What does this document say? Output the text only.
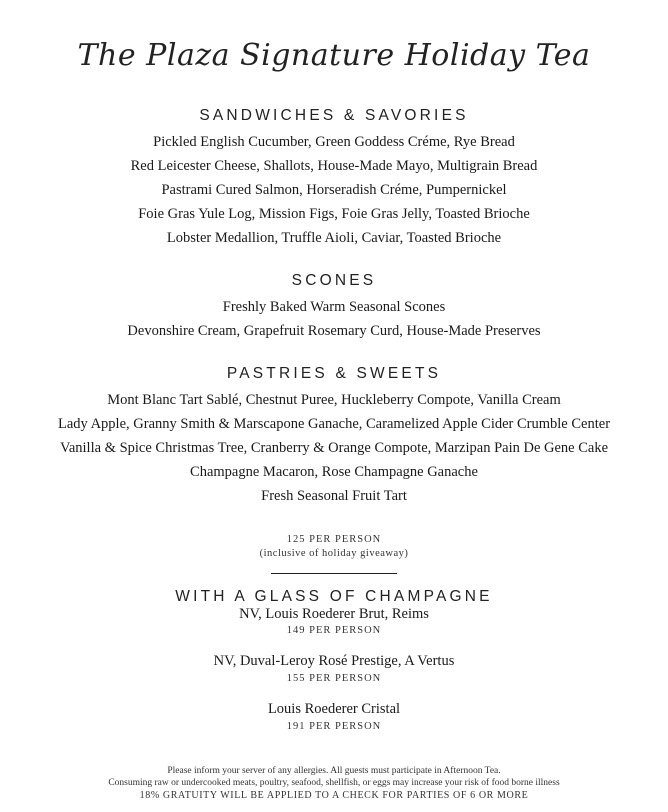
The Plaza Signature Holiday Tea
SANDWICHES & SAVORIES
Pickled English Cucumber, Green Goddess Créme, Rye Bread
Red Leicester Cheese, Shallots, House-Made Mayo, Multigrain Bread
Pastrami Cured Salmon, Horseradish Créme, Pumpernickel
Foie Gras Yule Log, Mission Figs, Foie Gras Jelly, Toasted Brioche
Lobster Medallion, Truffle Aioli, Caviar, Toasted Brioche
SCONES
Freshly Baked Warm Seasonal Scones
Devonshire Cream, Grapefruit Rosemary Curd, House-Made Preserves
PASTRIES & SWEETS
Mont Blanc Tart Sablé, Chestnut Puree, Huckleberry Compote, Vanilla Cream
Lady Apple, Granny Smith & Marscapone Ganache, Caramelized Apple Cider Crumble Center
Vanilla & Spice Christmas Tree, Cranberry & Orange Compote, Marzipan Pain De Gene Cake
Champagne Macaron, Rose Champagne Ganache
Fresh Seasonal Fruit Tart
125 PER PERSON
(inclusive of holiday giveaway)
WITH A GLASS OF CHAMPAGNE
NV, Louis Roederer Brut, Reims
149 PER PERSON
NV, Duval-Leroy Rosé Prestige, A Vertus
155 PER PERSON
Louis Roederer Cristal
191 PER PERSON
Please inform your server of any allergies. All guests must participate in Afternoon Tea.
Consuming raw or undercooked meats, poultry, seafood, shellfish, or eggs may increase your risk of food borne illness
18% GRATUITY WILL BE APPLIED TO A CHECK FOR PARTIES OF 6 OR MORE
